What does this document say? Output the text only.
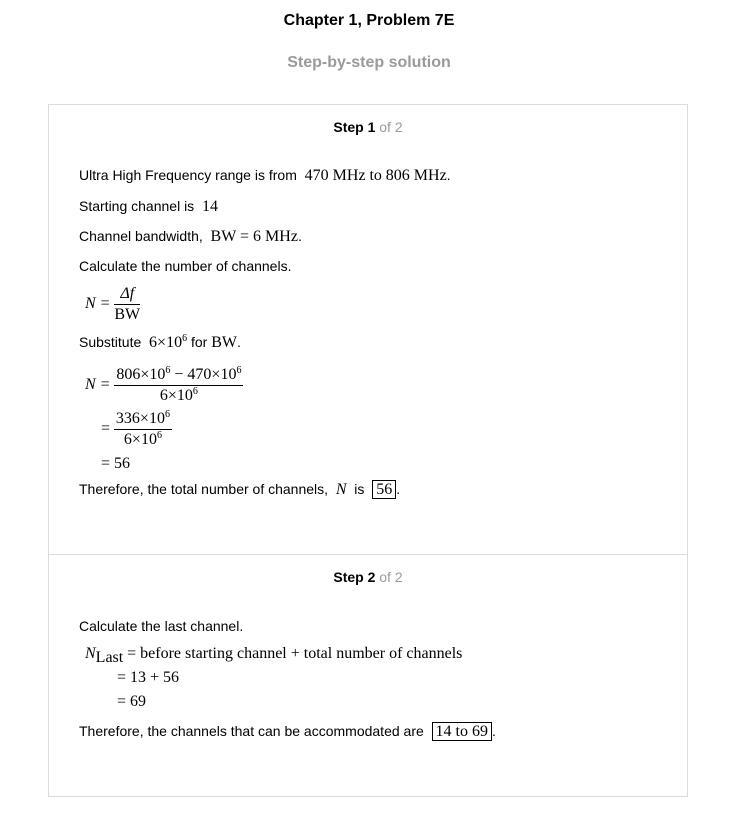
Chapter 1, Problem 7E
Step-by-step solution
Step 1 of 2
Ultra High Frequency range is from 470 MHz to 806 MHz.
Starting channel is 14
Channel bandwidth, BW = 6 MHz.
Calculate the number of channels.
$N = \frac{\Delta f}{BW}$
Substitute $6\times 10^6$ for BW.
$N = \frac{806\times 10^6 - 470\times 10^6}{6\times 10^6}$
= $\frac{336\times 10^6}{6\times 10^6}$
= 56
Therefore, the total number of channels, N is 56 .
Step 2 of 2
Calculate the last channel.
$N_{Last}$ = before starting channel + total number of channels
= 13 + 56
= 69
Therefore, the channels that can be accommodated are 14 to 69 .
